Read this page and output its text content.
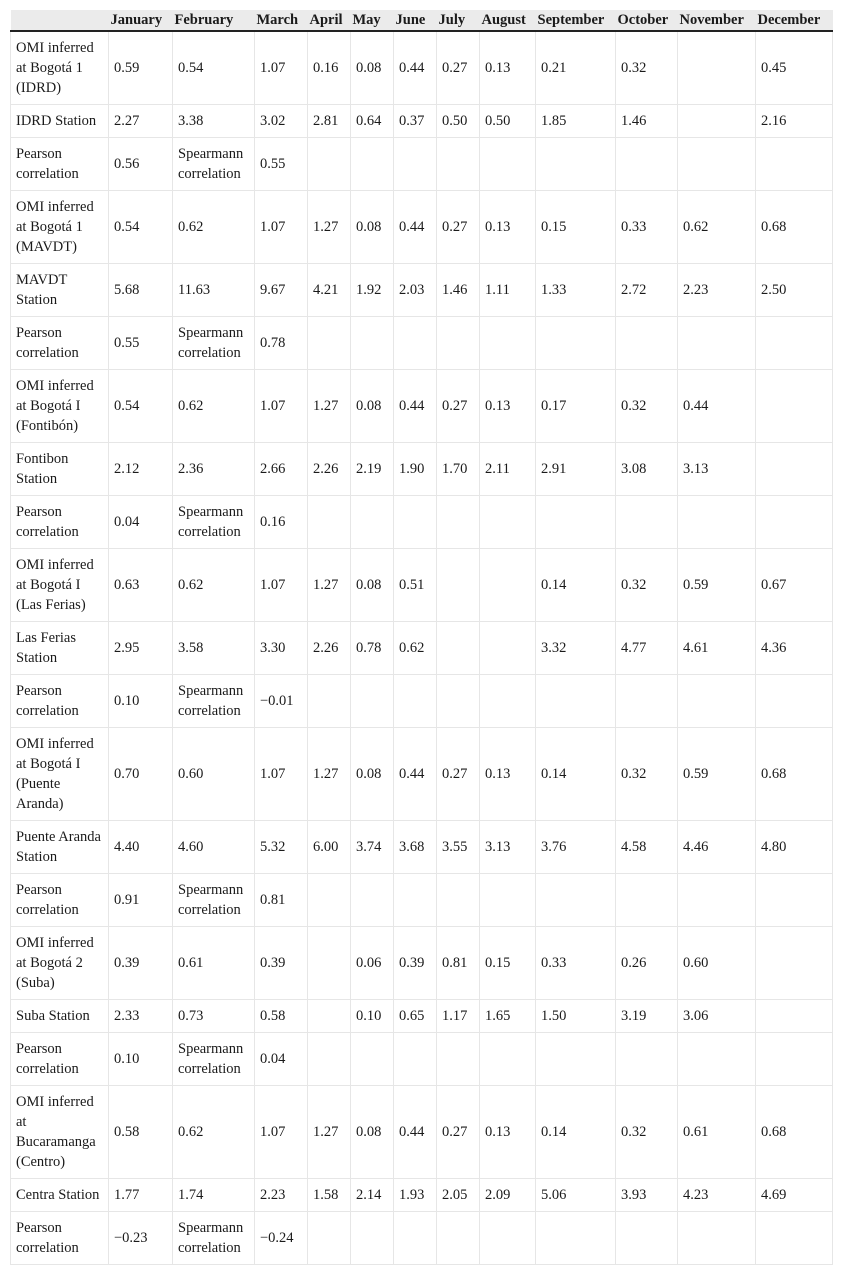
	January	February	March	April	May	June	July	August	September	October	November	December
OMI inferred at Bogotá 1 (IDRD)	0.59	0.54	1.07	0.16	0.08	0.44	0.27	0.13	0.21	0.32		0.45
IDRD Station	2.27	3.38	3.02	2.81	0.64	0.37	0.50	0.50	1.85	1.46		2.16
Pearson correlation	0.56	Spearmann correlation	0.55									
OMI inferred at Bogotá 1 (MAVDT)	0.54	0.62	1.07	1.27	0.08	0.44	0.27	0.13	0.15	0.33	0.62	0.68
MAVDT Station	5.68	11.63	9.67	4.21	1.92	2.03	1.46	1.11	1.33	2.72	2.23	2.50
Pearson correlation	0.55	Spearmann correlation	0.78									
OMI inferred at Bogotá I (Fontibón)	0.54	0.62	1.07	1.27	0.08	0.44	0.27	0.13	0.17	0.32	0.44	
Fontibon Station	2.12	2.36	2.66	2.26	2.19	1.90	1.70	2.11	2.91	3.08	3.13	
Pearson correlation	0.04	Spearmann correlation	0.16									
OMI inferred at Bogotá I (Las Ferias)	0.63	0.62	1.07	1.27	0.08	0.51			0.14	0.32	0.59	0.67
Las Ferias Station	2.95	3.58	3.30	2.26	0.78	0.62			3.32	4.77	4.61	4.36
Pearson correlation	0.10	Spearmann correlation	−0.01									
OMI inferred at Bogotá I (Puente Aranda)	0.70	0.60	1.07	1.27	0.08	0.44	0.27	0.13	0.14	0.32	0.59	0.68
Puente Aranda Station	4.40	4.60	5.32	6.00	3.74	3.68	3.55	3.13	3.76	4.58	4.46	4.80
Pearson correlation	0.91	Spearmann correlation	0.81									
OMI inferred at Bogotá 2 (Suba)	0.39	0.61	0.39		0.06	0.39	0.81	0.15	0.33	0.26	0.60	
Suba Station	2.33	0.73	0.58		0.10	0.65	1.17	1.65	1.50	3.19	3.06	
Pearson correlation	0.10	Spearmann correlation	0.04									
OMI inferred at Bucaramanga (Centro)	0.58	0.62	1.07	1.27	0.08	0.44	0.27	0.13	0.14	0.32	0.61	0.68
Centra Station	1.77	1.74	2.23	1.58	2.14	1.93	2.05	2.09	5.06	3.93	4.23	4.69
Pearson correlation	−0.23	Spearmann correlation	−0.24									
